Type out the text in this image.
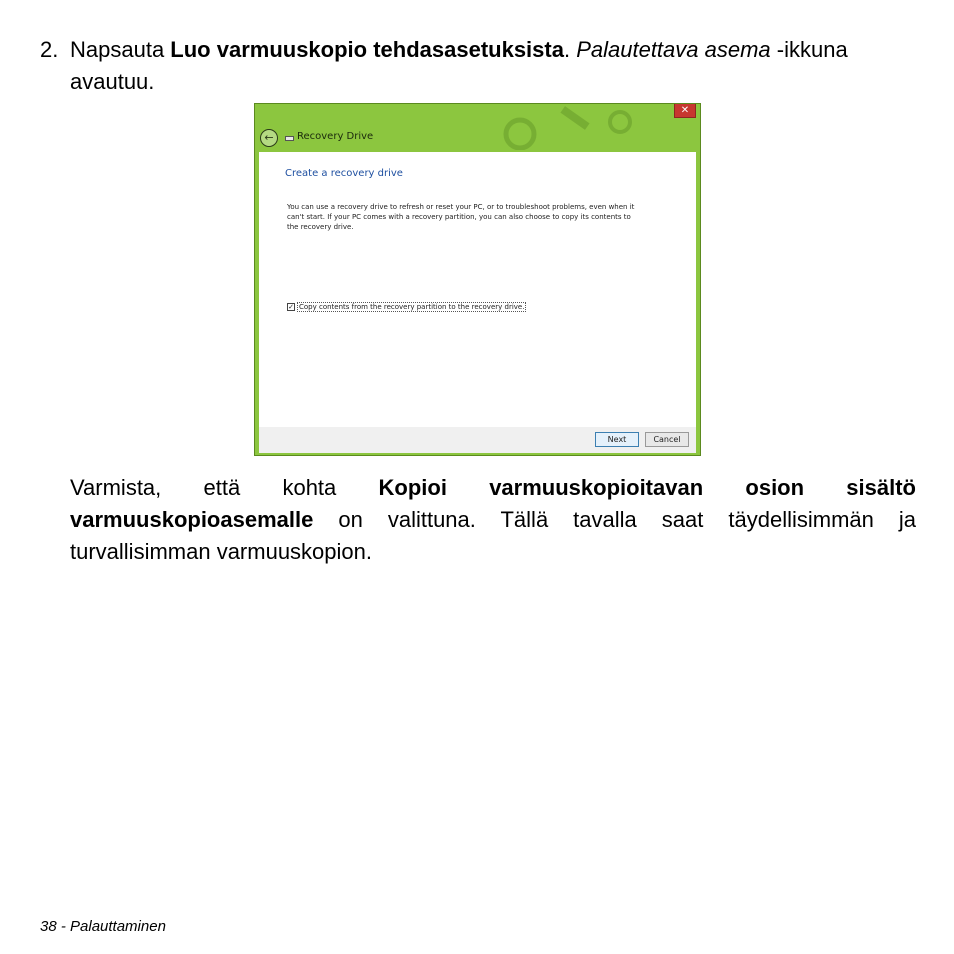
2. Napsauta Luo varmuuskopio tehdasasetuksista. Palautettava asema -ikkuna avautuu.
✕
←	Recovery Drive
Create a recovery drive
You can use a recovery drive to refresh or reset your PC, or to troubleshoot problems, even when it can't start. If your PC comes with a recovery partition, you can also choose to copy its contents to the recovery drive.
✓ Copy contents from the recovery partition to the recovery drive.
Next	Cancel
Varmista, että kohta Kopioi varmuuskopioitavan osion sisältö varmuuskopioasemalle on valittuna. Tällä tavalla saat täydellisimmän ja turvallisimman varmuuskopion.
38 - Palauttaminen
